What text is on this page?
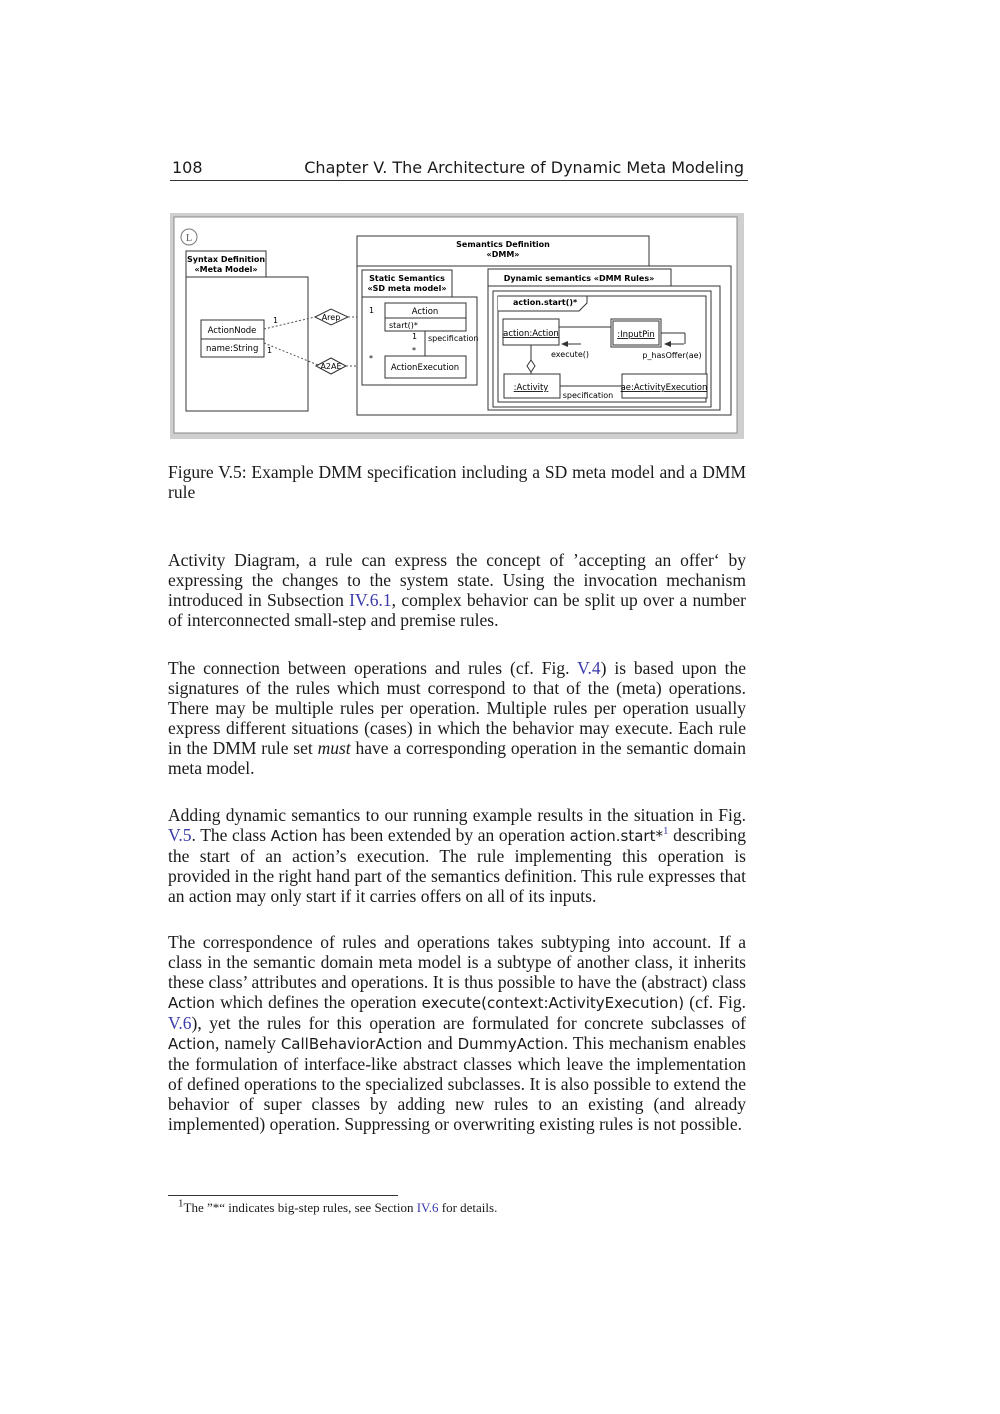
108	Chapter V. The Architecture of Dynamic Meta Modeling
L
Syntax Definition
«Meta Model»
ActionNode
name:String
1
1
Arep
A2AE
Semantics Definition
«DMM»
Static Semantics
«SD meta model»
1
*
Action
start()*
1
*
specification
ActionExecution
Dynamic semantics «DMM Rules»
action.start()*
action:Action	:InputPin
execute()	p_hasOffer(ae)
:Activity	ae:ActivityExecution
specification
Figure V.5: Example DMM specification including a SD meta model and a DMM rule

Activity Diagram, a rule can express the concept of ’accepting an offer‘ by expressing the changes to the system state. Using the invocation mechanism introduced in Subsection IV.6.1, complex behavior can be split up over a number of interconnected small-step and premise rules.

The connection between operations and rules (cf. Fig. V.4) is based upon the signatures of the rules which must correspond to that of the (meta) operations. There may be multiple rules per operation. Multiple rules per operation usually express different situations (cases) in which the behavior may execute. Each rule in the DMM rule set must have a corresponding operation in the semantic domain meta model.

Adding dynamic semantics to our running example results in the situation in Fig. V.5. The class Action has been extended by an operation action.start*$^1$ describing the start of an action’s execution. The rule implementing this operation is provided in the right hand part of the semantics definition. This rule expresses that an action may only start if it carries offers on all of its inputs.

The correspondence of rules and operations takes subtyping into account. If a class in the semantic domain meta model is a subtype of another class, it inherits these class’ attributes and operations. It is thus possible to have the (abstract) class Action which defines the operation execute(context:ActivityExecution) (cf. Fig. V.6), yet the rules for this operation are formulated for concrete subclasses of Action, namely CallBehaviorAction and DummyAction. This mechanism enables the formulation of interface-like abstract classes which leave the implementation of defined operations to the specialized subclasses. It is also possible to extend the behavior of super classes by adding new rules to an existing (and already implemented) operation. Suppressing or overwriting existing rules is not possible.

$^1$The ”*“ indicates big-step rules, see Section IV.6 for details.
